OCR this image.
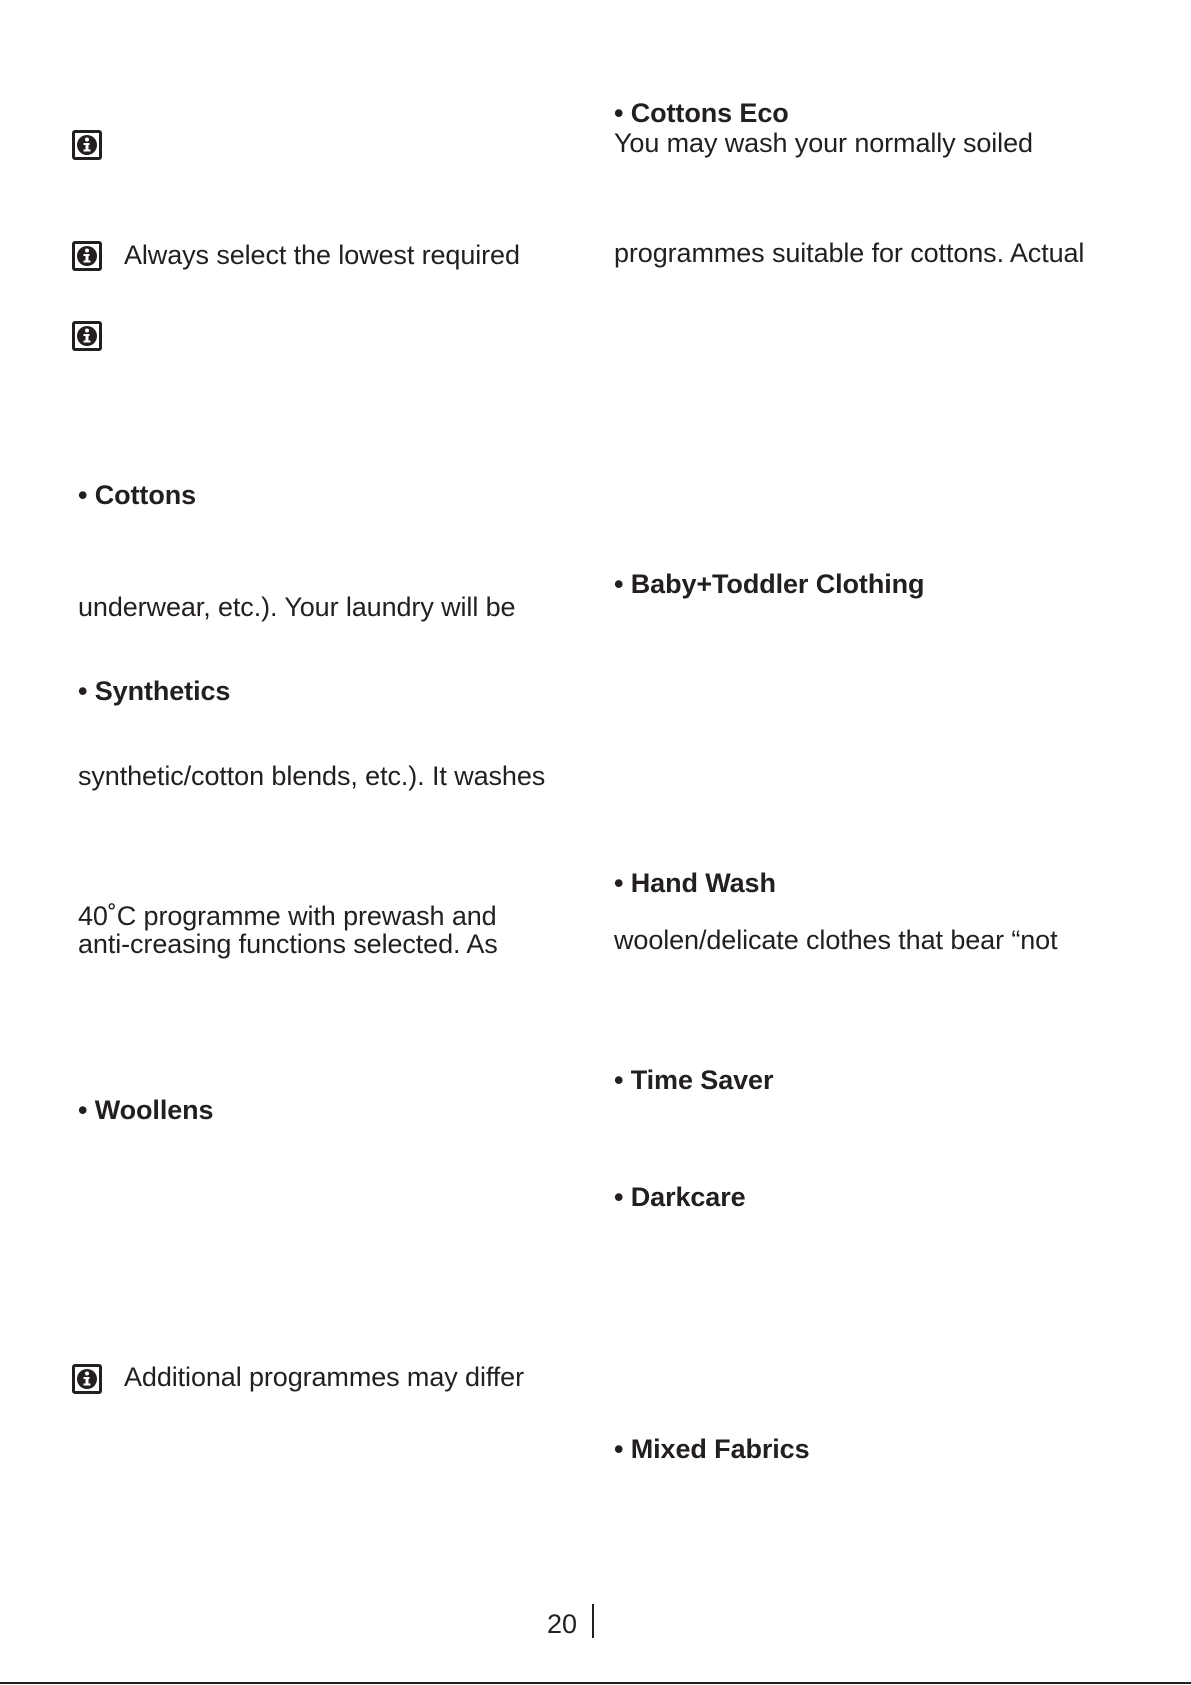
Always select the lowest required
• Cottons
underwear, etc.). Your laundry will be
• Synthetics
synthetic/cotton blends, etc.). It washes
40˚C programme with prewash and
anti-creasing functions selected. As
• Woollens
Additional programmes may differ
• Cottons Eco
You may wash your normally soiled
programmes suitable for cottons. Actual
• Baby+Toddler Clothing
• Hand Wash
woolen/delicate clothes that bear “not
• Time Saver
• Darkcare
• Mixed Fabrics
20
